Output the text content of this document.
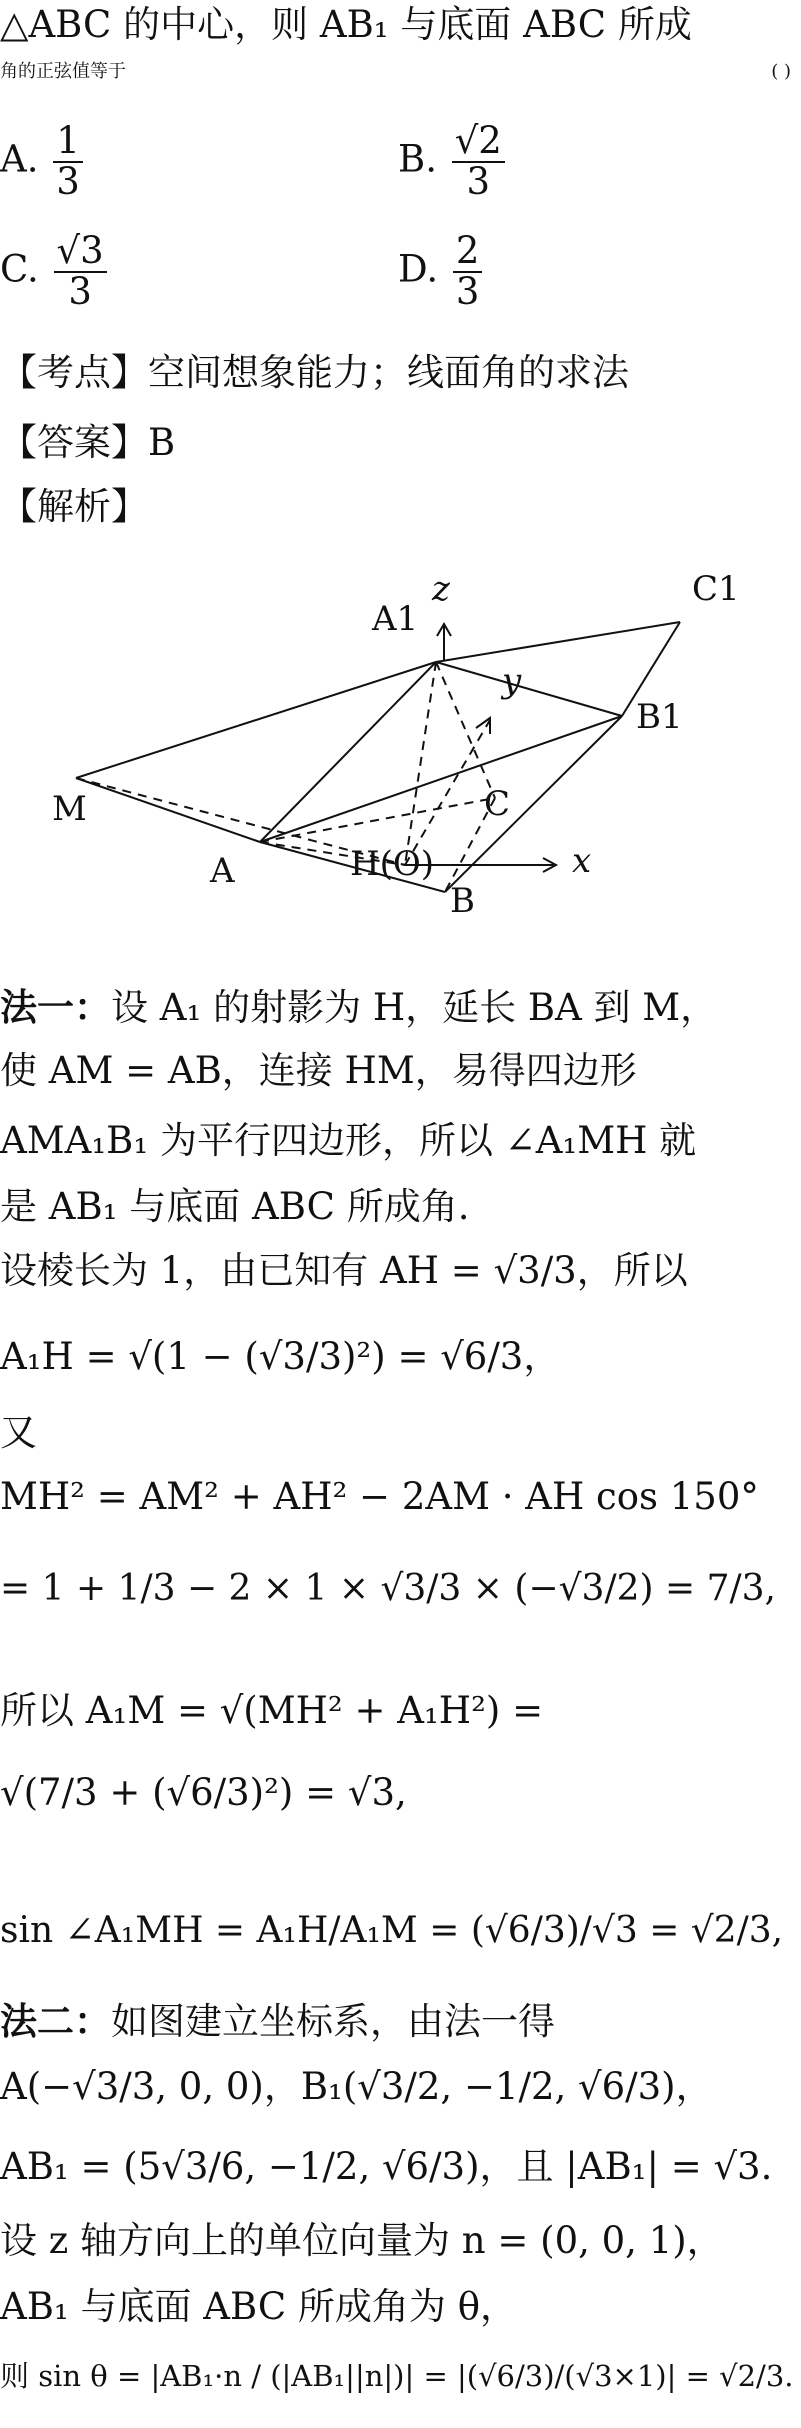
△ABC 的中心，则 AB₁ 与底面 ABC 所成
角的正弦值等于	( )
A. $\frac{1}{3}$	B. $\frac{√2}{3}$
C. $\frac{√3}{3}$	D. $\frac{2}{3}$
【考点】空间想象能力；线面角的求法
【答案】B
【解析】
z
A1
C1
y
B1
M	C
A	H(O)	x
B
法一：设 A₁ 的射影为 H，延长 BA 到 M，
使 AM = AB，连接 HM，易得四边形
AMA₁B₁ 为平行四边形，所以 ∠A₁MH 就
是 AB₁ 与底面 ABC 所成角.
设棱长为 1，由已知有 AH = √3/3，所以
A₁H = √(1 − (√3/3)²) = √6/3，
又
MH² = AM² + AH² − 2AM · AH cos 150°
= 1 + 1/3 − 2 × 1 × √3/3 × (−√3/2) = 7/3,
所以 A₁M = √(MH² + A₁H²) =
√(7/3 + (√6/3)²) = √3,
sin ∠A₁MH = A₁H/A₁M = (√6/3)/√3 = √2/3,
法二：如图建立坐标系，由法一得
A(−√3/3, 0, 0)，B₁(√3/2, −1/2, √6/3)，
AB₁ = (5√3/6, −1/2, √6/3)，且 |AB₁| = √3.
设 z 轴方向上的单位向量为 n = (0, 0, 1)，
AB₁ 与底面 ABC 所成角为 θ，
则 sin θ = |AB₁·n / (|AB₁||n|)| = |(√6/3)/(√3×1)| = √2/3.
